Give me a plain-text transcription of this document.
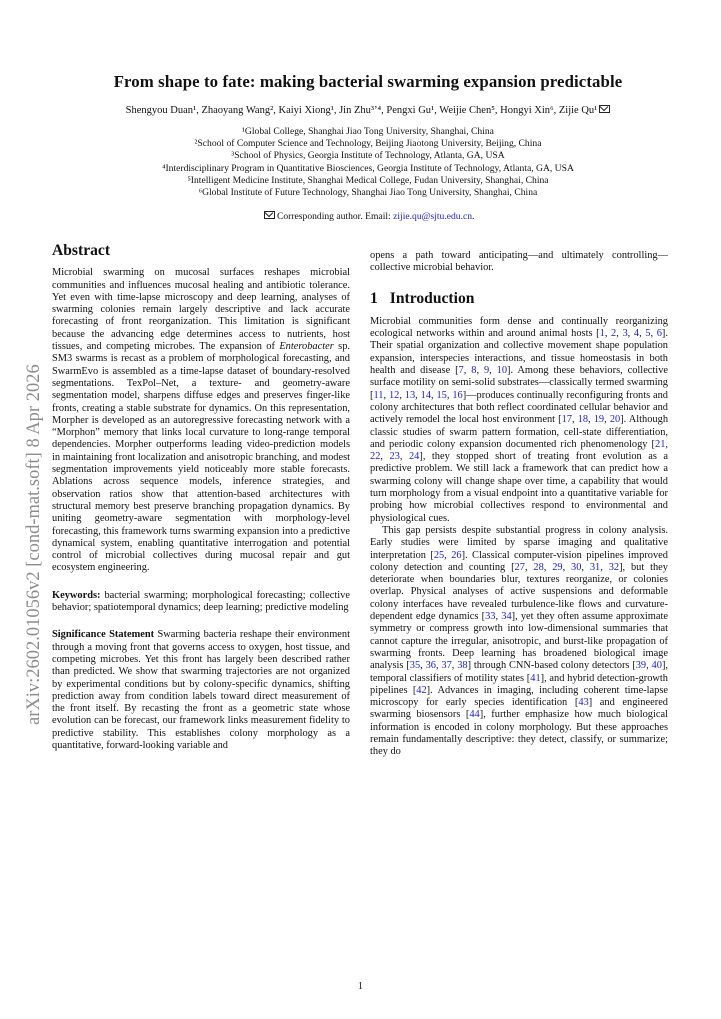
arXiv:2602.01056v2 [cond-mat.soft] 8 Apr 2026
From shape to fate: making bacterial swarming expansion predictable
Shengyou Duan¹, Zhaoyang Wang², Kaiyi Xiong¹, Jin Zhu³ʼ⁴, Pengxi Gu¹, Weijie Chen⁵, Hongyi Xin⁶, Zijie Qu¹
¹Global College, Shanghai Jiao Tong University, Shanghai, China
²School of Computer Science and Technology, Beijing Jiaotong University, Beijing, China
³School of Physics, Georgia Institute of Technology, Atlanta, GA, USA
⁴Interdisciplinary Program in Quantitative Biosciences, Georgia Institute of Technology, Atlanta, GA, USA
⁵Intelligent Medicine Institute, Shanghai Medical College, Fudan University, Shanghai, China
⁶Global Institute of Future Technology, Shanghai Jiao Tong University, Shanghai, China
Corresponding author. Email: zijie.qu@sjtu.edu.cn.
Abstract

Microbial swarming on mucosal surfaces reshapes microbial communities and influences mucosal healing and antibiotic tolerance. Yet even with time-lapse microscopy and deep learning, analyses of swarming colonies remain largely descriptive and lack accurate forecasting of front reorganization. This limitation is significant because the advancing edge determines access to nutrients, host tissues, and competing microbes. The expansion of Enterobacter sp. SM3 swarms is recast as a problem of morphological forecasting, and SwarmEvo is assembled as a time-lapse dataset of boundary-resolved segmentations. TexPol–Net, a texture- and geometry-aware segmentation model, sharpens diffuse edges and preserves finger-like fronts, creating a stable substrate for dynamics. On this representation, Morpher is developed as an autoregressive forecasting network with a “Morphon” memory that links local curvature to long-range temporal dependencies. Morpher outperforms leading video-prediction models in maintaining front localization and anisotropic branching, and modest segmentation improvements yield noticeably more stable forecasts. Ablations across sequence models, inference strategies, and observation ratios show that attention-based architectures with structural memory best preserve branching propagation dynamics. By uniting geometry-aware segmentation with morphology-level forecasting, this framework turns swarming expansion into a predictive dynamical system, enabling quantitative interrogation and potential control of microbial collectives during mucosal repair and gut ecosystem engineering.

Keywords: bacterial swarming; morphological forecasting; collective behavior; spatiotemporal dynamics; deep learning; predictive modeling

Significance Statement Swarming bacteria reshape their environment through a moving front that governs access to oxygen, host tissue, and competing microbes. Yet this front has largely been described rather than predicted. We show that swarming trajectories are not organized by experimental conditions but by colony-specific dynamics, shifting prediction away from condition labels toward direct measurement of the front itself. By recasting the front as a geometric state whose evolution can be forecast, our framework links measurement fidelity to predictive stability. This establishes colony morphology as a quantitative, forward-looking variable and

opens a path toward anticipating—and ultimately controlling—collective microbial behavior.

1 Introduction

Microbial communities form dense and continually reorganizing ecological networks within and around animal hosts [1, 2, 3, 4, 5, 6]. Their spatial organization and collective movement shape population expansion, interspecies interactions, and tissue homeostasis in both health and disease [7, 8, 9, 10]. Among these behaviors, collective surface motility on semi-solid substrates—classically termed swarming [11, 12, 13, 14, 15, 16]—produces continually reconfiguring fronts and colony architectures that both reflect coordinated cellular behavior and actively remodel the local host environment [17, 18, 19, 20]. Although classic studies of swarm pattern formation, cell-state differentiation, and periodic colony expansion documented rich phenomenology [21, 22, 23, 24], they stopped short of treating front evolution as a predictive problem. We still lack a framework that can predict how a swarming colony will change shape over time, a capability that would turn morphology from a visual endpoint into a quantitative variable for probing how microbial collectives respond to environmental and physiological cues.

This gap persists despite substantial progress in colony analysis. Early studies were limited by sparse imaging and qualitative interpretation [25, 26]. Classical computer-vision pipelines improved colony detection and counting [27, 28, 29, 30, 31, 32], but they deteriorate when boundaries blur, textures reorganize, or colonies overlap. Physical analyses of active suspensions and deformable colony interfaces have revealed turbulence-like flows and curvature-dependent edge dynamics [33, 34], yet they often assume approximate symmetry or compress growth into low-dimensional summaries that cannot capture the irregular, anisotropic, and burst-like propagation of swarming fronts. Deep learning has broadened biological image analysis [35, 36, 37, 38] through CNN-based colony detectors [39, 40], temporal classifiers of motility states [41], and hybrid detection-growth pipelines [42]. Advances in imaging, including coherent time-lapse microscopy for early species identification [43] and engineered swarming biosensors [44], further emphasize how much biological information is encoded in colony morphology. But these approaches remain fundamentally descriptive: they detect, classify, or summarize; they do

1
